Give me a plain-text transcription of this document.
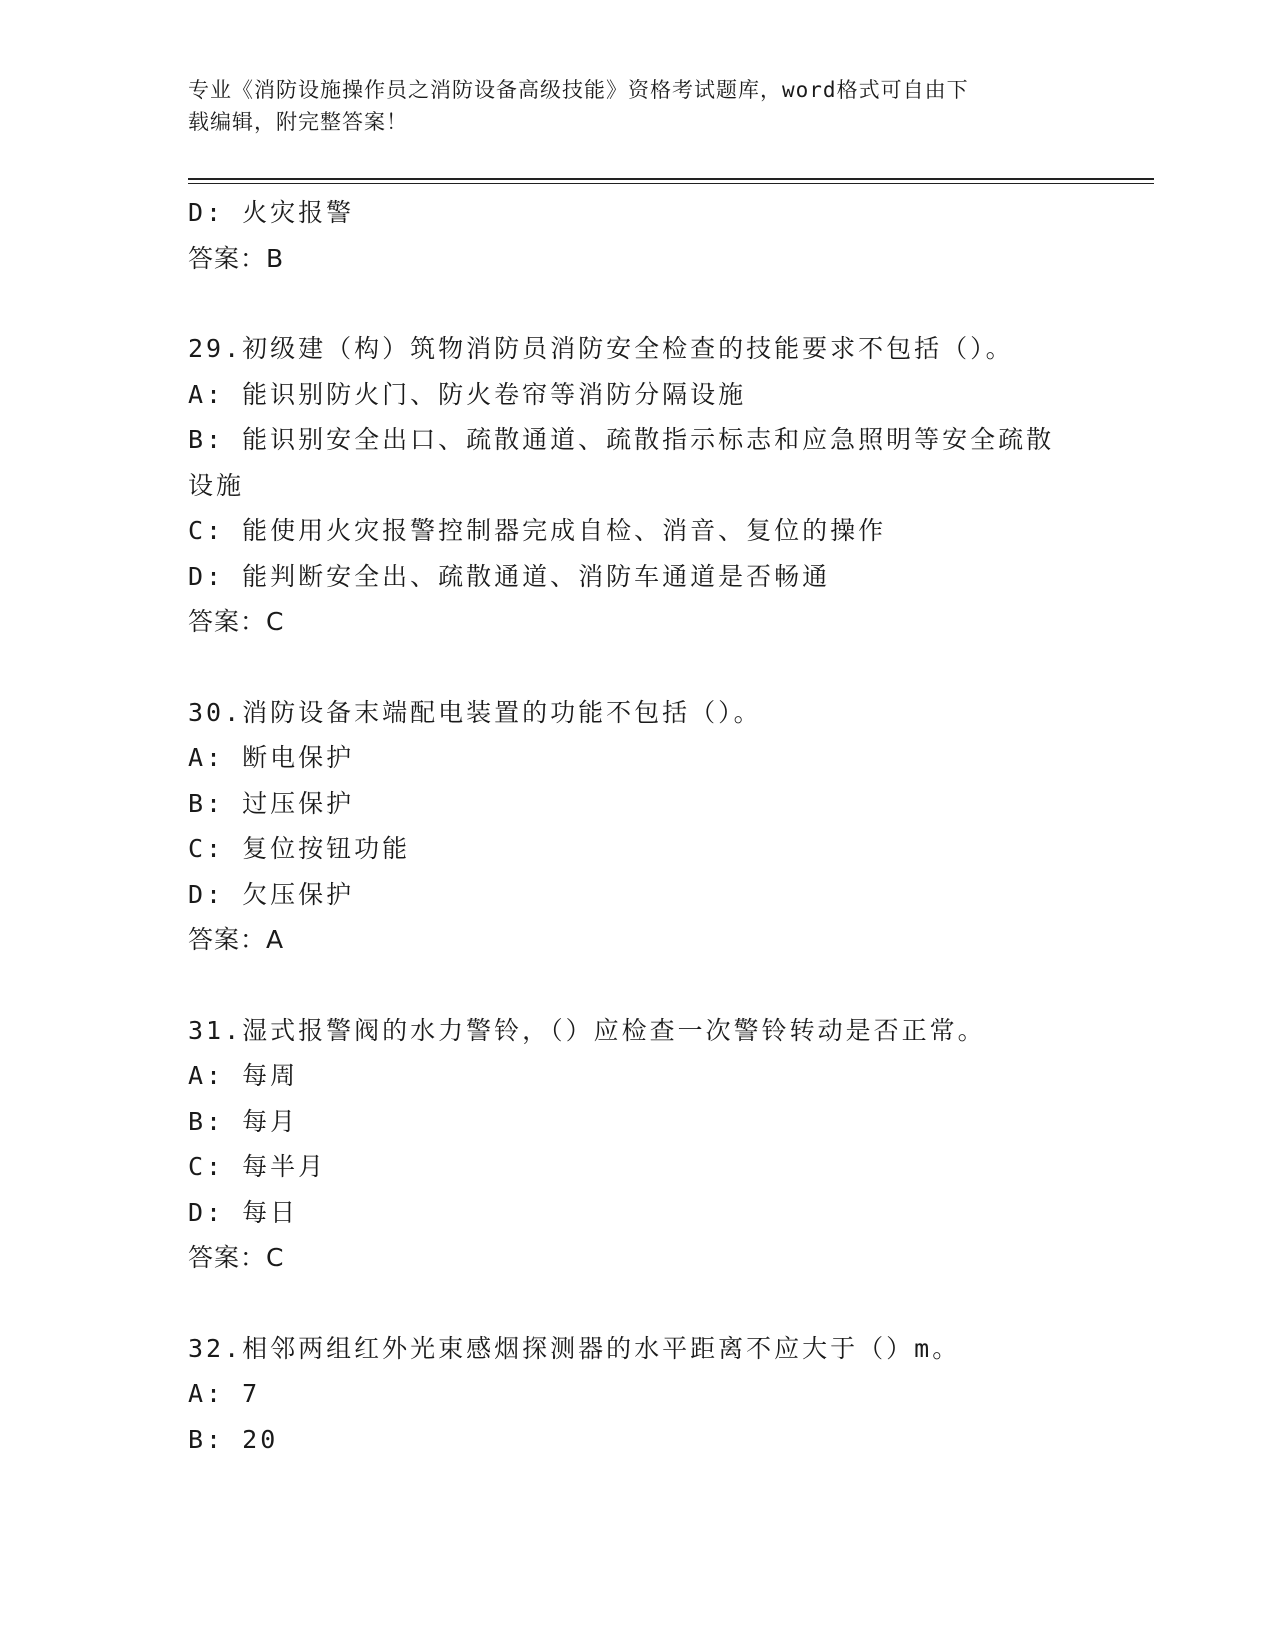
专业《消防设施操作员之消防设备高级技能》资格考试题库，word格式可自由下
载编辑，附完整答案！
D: 火灾报警
答案：B
29.初级建（构）筑物消防员消防安全检查的技能要求不包括（）。
A: 能识别防火门、防火卷帘等消防分隔设施
B: 能识别安全出口、疏散通道、疏散指示标志和应急照明等安全疏散
设施
C: 能使用火灾报警控制器完成自检、消音、复位的操作
D: 能判断安全出、疏散通道、消防车通道是否畅通
答案：C
30.消防设备末端配电装置的功能不包括（）。
A: 断电保护
B: 过压保护
C: 复位按钮功能
D: 欠压保护
答案：A
31.湿式报警阀的水力警铃，（）应检查一次警铃转动是否正常。
A: 每周
B: 每月
C: 每半月
D: 每日
答案：C
32.相邻两组红外光束感烟探测器的水平距离不应大于（）m。
A: 7
B: 20
